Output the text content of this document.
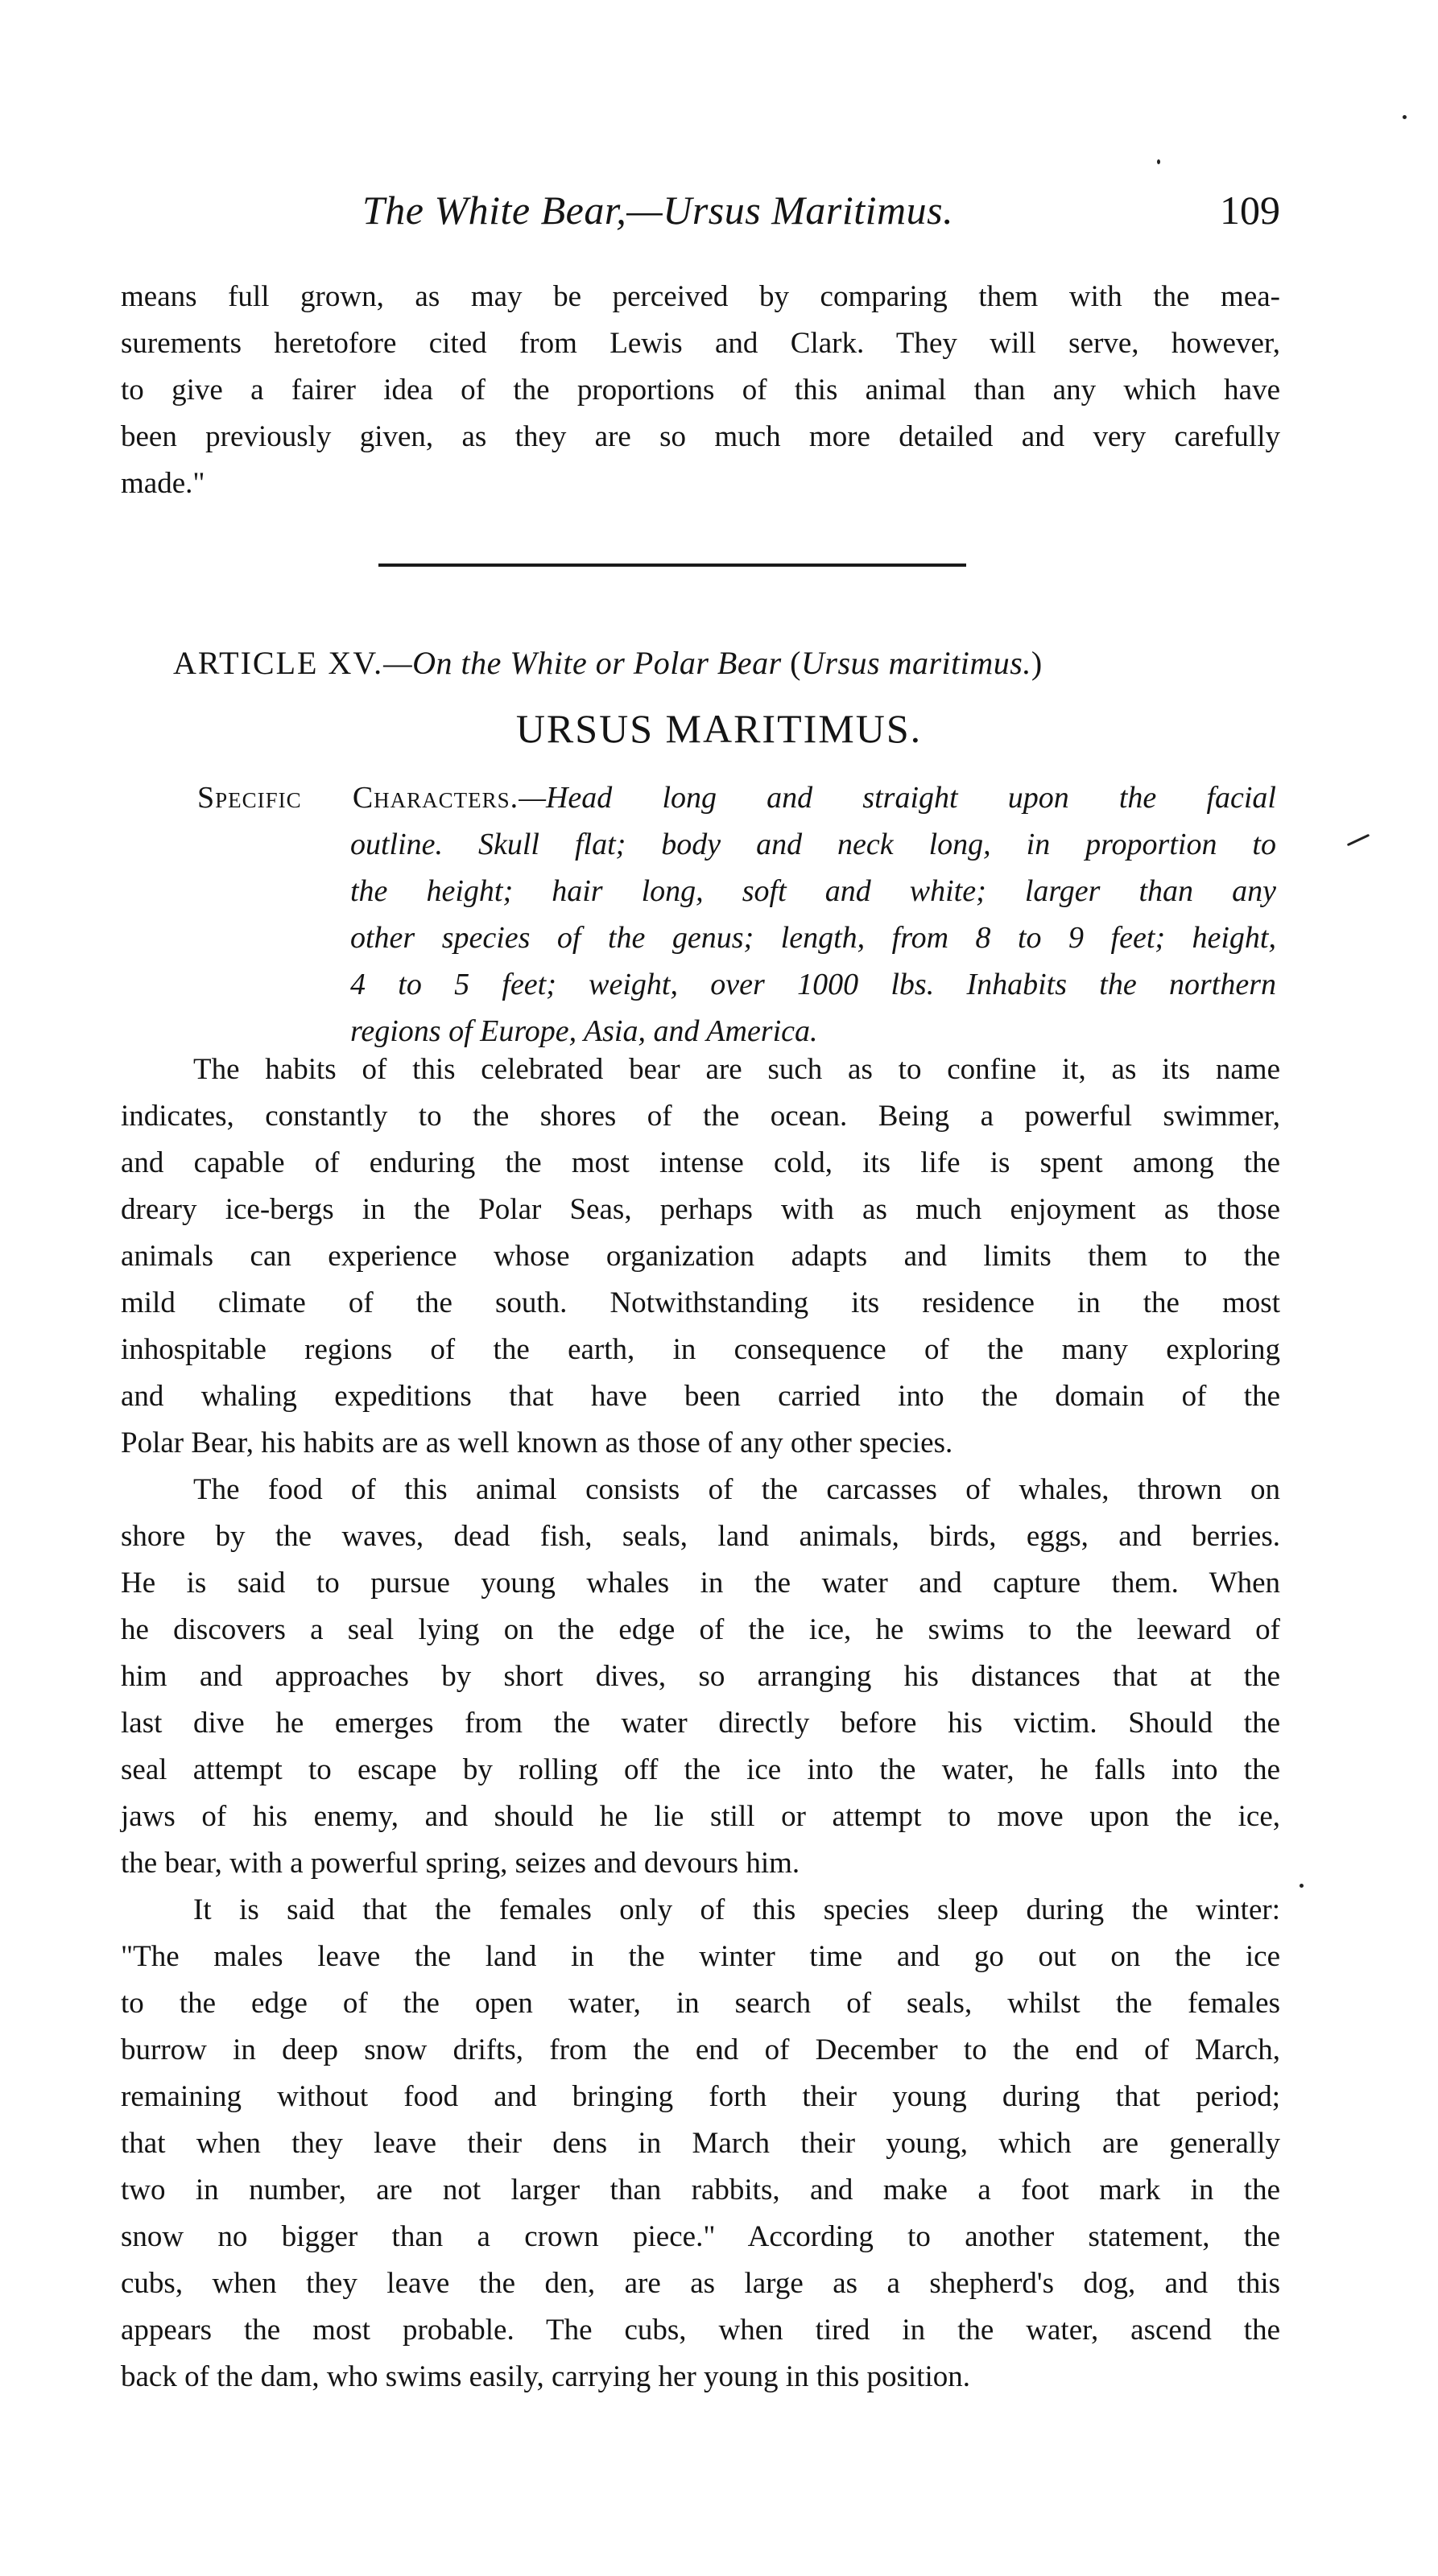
The White Bear,—Ursus Maritimus.	109
means full grown, as may be perceived by comparing them with the mea-
surements heretofore cited from Lewis and Clark. They will serve, however,
to give a fairer idea of the proportions of this animal than any which have
been previously given, as they are so much more detailed and very carefully
made."
ARTICLE XV.—On the White or Polar Bear (Ursus maritimus.)
URSUS MARITIMUS.
Specific Characters.—Head long and straight upon the facial
outline. Skull flat; body and neck long, in proportion to
the height; hair long, soft and white; larger than any
other species of the genus; length, from 8 to 9 feet; height,
4 to 5 feet; weight, over 1000 lbs. Inhabits the northern
regions of Europe, Asia, and America.
The habits of this celebrated bear are such as to confine it, as its name
indicates, constantly to the shores of the ocean. Being a powerful swimmer,
and capable of enduring the most intense cold, its life is spent among the
dreary ice-bergs in the Polar Seas, perhaps with as much enjoyment as those
animals can experience whose organization adapts and limits them to the
mild climate of the south. Notwithstanding its residence in the most
inhospitable regions of the earth, in consequence of the many exploring
and whaling expeditions that have been carried into the domain of the
Polar Bear, his habits are as well known as those of any other species.
The food of this animal consists of the carcasses of whales, thrown on
shore by the waves, dead fish, seals, land animals, birds, eggs, and berries.
He is said to pursue young whales in the water and capture them. When
he discovers a seal lying on the edge of the ice, he swims to the leeward of
him and approaches by short dives, so arranging his distances that at the
last dive he emerges from the water directly before his victim. Should the
seal attempt to escape by rolling off the ice into the water, he falls into the
jaws of his enemy, and should he lie still or attempt to move upon the ice,
the bear, with a powerful spring, seizes and devours him.
It is said that the females only of this species sleep during the winter:
"The males leave the land in the winter time and go out on the ice
to the edge of the open water, in search of seals, whilst the females
burrow in deep snow drifts, from the end of December to the end of March,
remaining without food and bringing forth their young during that period;
that when they leave their dens in March their young, which are generally
two in number, are not larger than rabbits, and make a foot mark in the
snow no bigger than a crown piece." According to another statement, the
cubs, when they leave the den, are as large as a shepherd's dog, and this
appears the most probable. The cubs, when tired in the water, ascend the
back of the dam, who swims easily, carrying her young in this position.
